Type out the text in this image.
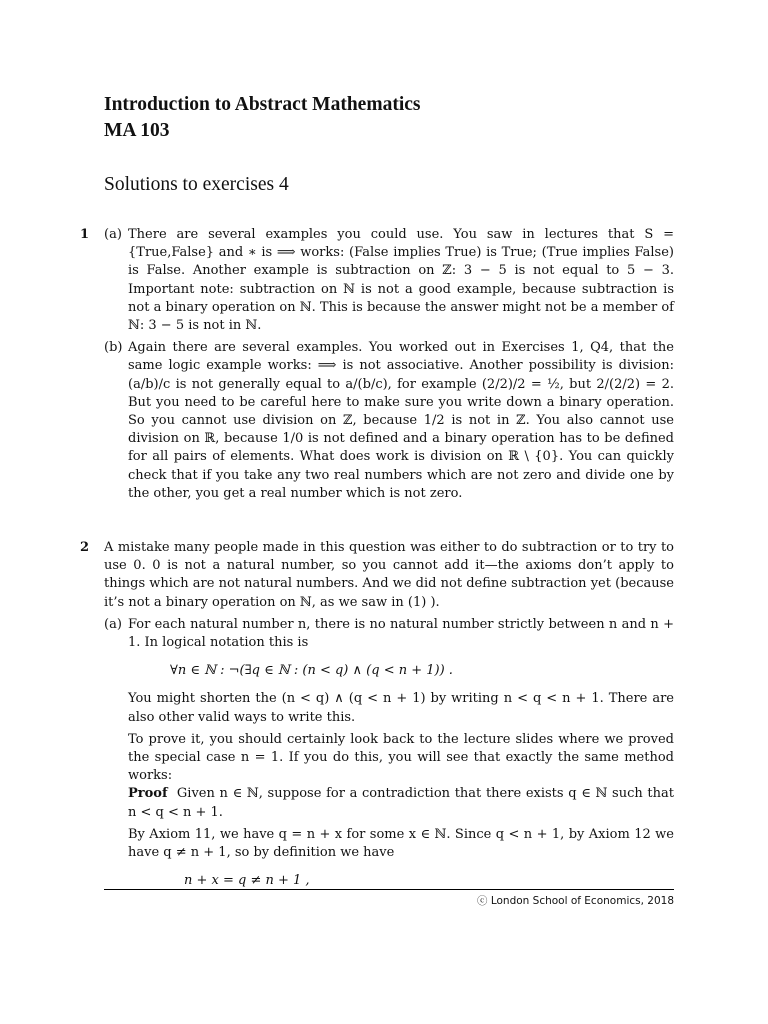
Introduction to Abstract Mathematics
MA 103
Solutions to exercises 4
1 (a) There are several examples you could use. You saw in lectures that S = {True,False} and ∗ is ⟹ works: (False implies True) is True; (True implies False) is False. Another example is subtraction on ℤ: 3 − 5 is not equal to 5 − 3. Important note: subtraction on ℕ is not a good example, because subtraction is not a binary operation on ℕ. This is because the answer might not be a member of ℕ: 3 − 5 is not in ℕ.

(b) Again there are several examples. You worked out in Exercises 1, Q4, that the same logic example works: ⟹ is not associative. Another possibility is division: (a/b)/c is not generally equal to a/(b/c), for example (2/2)/2 = ½, but 2/(2/2) = 2. But you need to be careful here to make sure you write down a binary operation. So you cannot use division on ℤ, because 1/2 is not in ℤ. You also cannot use division on ℝ, because 1/0 is not defined and a binary operation has to be defined for all pairs of elements. What does work is division on ℝ \ {0}. You can quickly check that if you take any two real numbers which are not zero and divide one by the other, you get a real number which is not zero.

2 A mistake many people made in this question was either to do subtraction or to try to use 0. 0 is not a natural number, so you cannot add it—the axioms don’t apply to things which are not natural numbers. And we did not define subtraction yet (because it’s not a binary operation on ℕ, as we saw in (1) ).

(a) For each natural number n, there is no natural number strictly between n and n + 1. In logical notation this is

∀n ∈ ℕ : ¬(∃q ∈ ℕ : (n < q) ∧ (q < n + 1)) .

You might shorten the (n < q) ∧ (q < n + 1) by writing n < q < n + 1. There are also other valid ways to write this.

To prove it, you should certainly look back to the lecture slides where we proved the special case n = 1. If you do this, you will see that exactly the same method works:

Proof Given n ∈ ℕ, suppose for a contradiction that there exists q ∈ ℕ such that n < q < n + 1.

By Axiom 11, we have q = n + x for some x ∈ ℕ. Since q < n + 1, by Axiom 12 we have q ≠ n + 1, so by definition we have

n + x = q ≠ n + 1 ,

ⓒ London School of Economics, 2018
